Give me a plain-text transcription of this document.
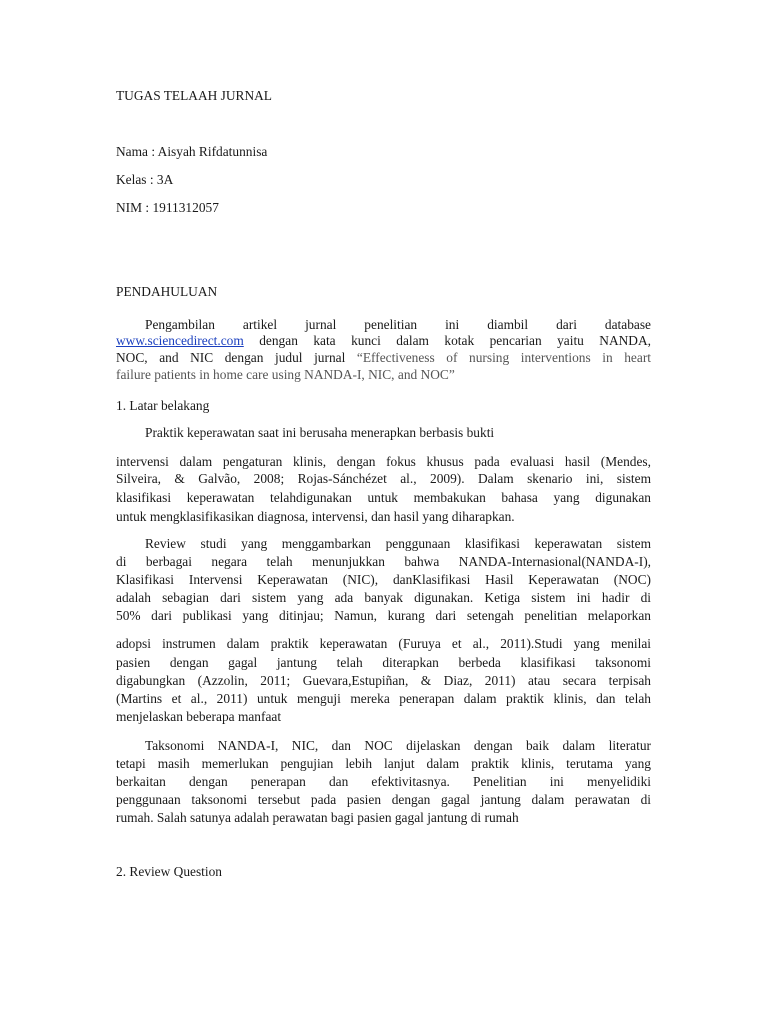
TUGAS TELAAH JURNAL
Nama : Aisyah Rifdatunnisa
Kelas : 3A
NIM : 1911312057
PENDAHULUAN
Pengambilan artikel jurnal penelitian ini diambil dari database
www.sciencedirect.com dengan kata kunci dalam kotak pencarian yaitu NANDA,
NOC, and NIC dengan judul jurnal “Effectiveness of nursing interventions in heart
failure patients in home care using NANDA-I, NIC, and NOC”
1. Latar belakang
Praktik keperawatan saat ini berusaha menerapkan berbasis bukti
intervensi dalam pengaturan klinis, dengan fokus khusus pada evaluasi hasil (Mendes,
Silveira, & Galvão, 2008; Rojas-Sánchézet al., 2009). Dalam skenario ini, sistem
klasifikasi keperawatan telahdigunakan untuk membakukan bahasa yang digunakan
untuk mengklasifikasikan diagnosa, intervensi, dan hasil yang diharapkan.
Review studi yang menggambarkan penggunaan klasifikasi keperawatan sistem
di berbagai negara telah menunjukkan bahwa NANDA-Internasional(NANDA-I),
Klasifikasi Intervensi Keperawatan (NIC), danKlasifikasi Hasil Keperawatan (NOC)
adalah sebagian dari sistem yang ada banyak digunakan. Ketiga sistem ini hadir di
50% dari publikasi yang ditinjau; Namun, kurang dari setengah penelitian melaporkan
adopsi instrumen dalam praktik keperawatan (Furuya et al., 2011).Studi yang menilai
pasien dengan gagal jantung telah diterapkan berbeda klasifikasi taksonomi
digabungkan (Azzolin, 2011; Guevara,Estupiñan, & Diaz, 2011) atau secara terpisah
(Martins et al., 2011) untuk menguji mereka penerapan dalam praktik klinis, dan telah
menjelaskan beberapa manfaat
Taksonomi NANDA-I, NIC, dan NOC dijelaskan dengan baik dalam literatur
tetapi masih memerlukan pengujian lebih lanjut dalam praktik klinis, terutama yang
berkaitan dengan penerapan dan efektivitasnya. Penelitian ini menyelidiki
penggunaan taksonomi tersebut pada pasien dengan gagal jantung dalam perawatan di
rumah. Salah satunya adalah perawatan bagi pasien gagal jantung di rumah
2. Review Question
